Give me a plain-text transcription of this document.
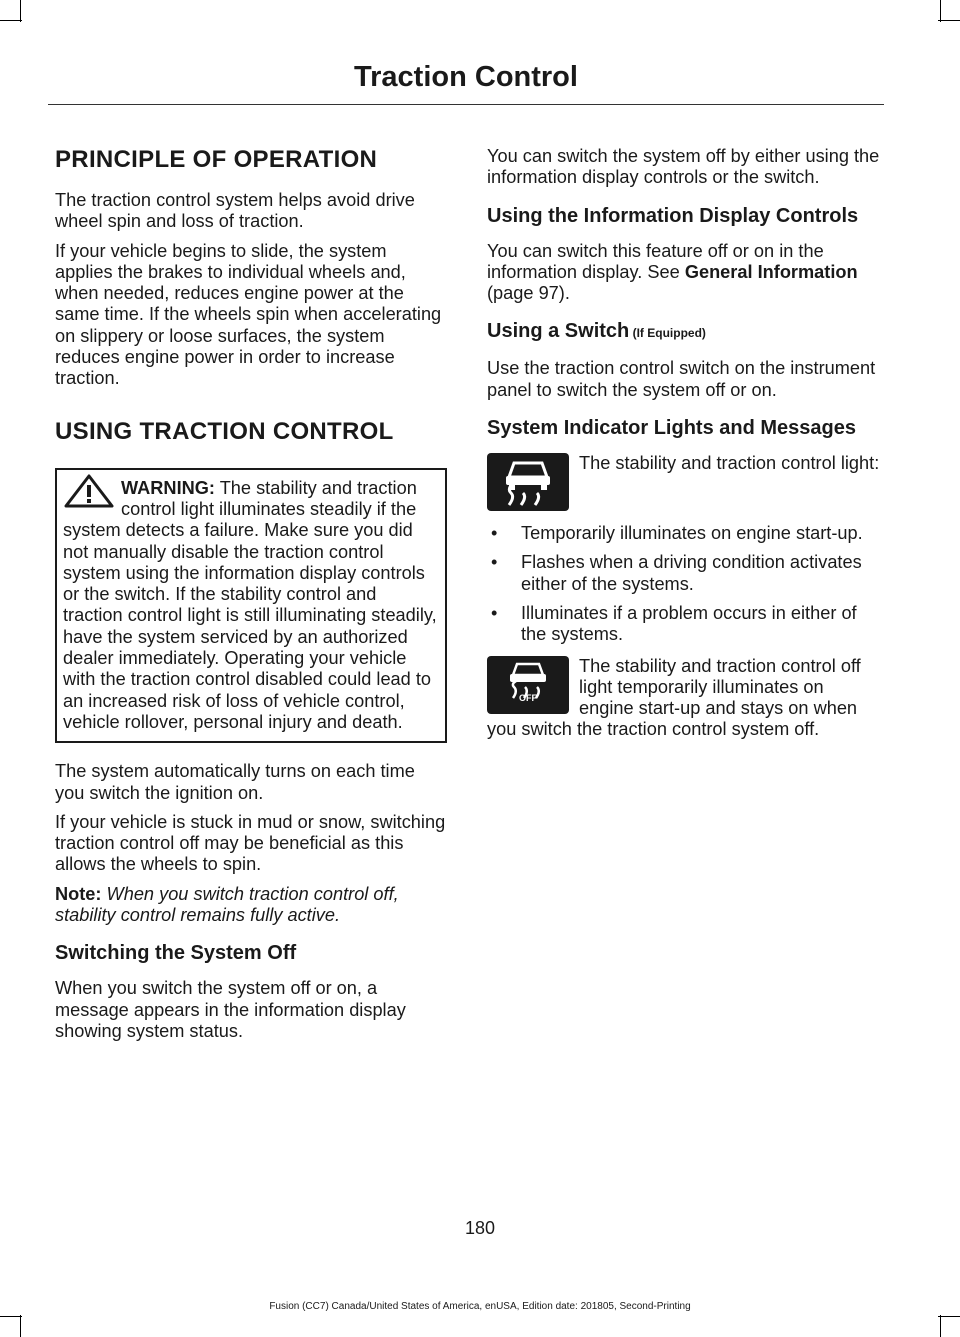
Traction Control
PRINCIPLE OF OPERATION

The traction control system helps avoid drive wheel spin and loss of traction.

If your vehicle begins to slide, the system applies the brakes to individual wheels and, when needed, reduces engine power at the same time. If the wheels spin when accelerating on slippery or loose surfaces, the system reduces engine power in order to increase traction.

USING TRACTION CONTROL
WARNING: The stability and traction control light illuminates steadily if the system detects a failure. Make sure you did not manually disable the traction control system using the information display controls or the switch. If the stability control and traction control light is still illuminating steadily, have the system serviced by an authorized dealer immediately. Operating your vehicle with the traction control disabled could lead to an increased risk of loss of vehicle control, vehicle rollover, personal injury and death.

The system automatically turns on each time you switch the ignition on.

If your vehicle is stuck in mud or snow, switching traction control off may be beneficial as this allows the wheels to spin.

Note: When you switch traction control off, stability control remains fully active.

Switching the System Off

When you switch the system off or on, a message appears in the information display showing system status.

You can switch the system off by either using the information display controls or the switch.

Using the Information Display Controls

You can switch this feature off or on in the information display. See General Information (page 97).

Using a Switch (If Equipped)

Use the traction control switch on the instrument panel to switch the system off or on.

System Indicator Lights and Messages
The stability and traction control light:
• Temporarily illuminates on engine start-up.
• Flashes when a driving condition activates either of the systems.
• Illuminates if a problem occurs in either of the systems.
OFF
The stability and traction control off light temporarily illuminates on engine start-up and stays on when you switch the traction control system off.
180
Fusion (CC7) Canada/United States of America, enUSA, Edition date: 201805, Second-Printing
